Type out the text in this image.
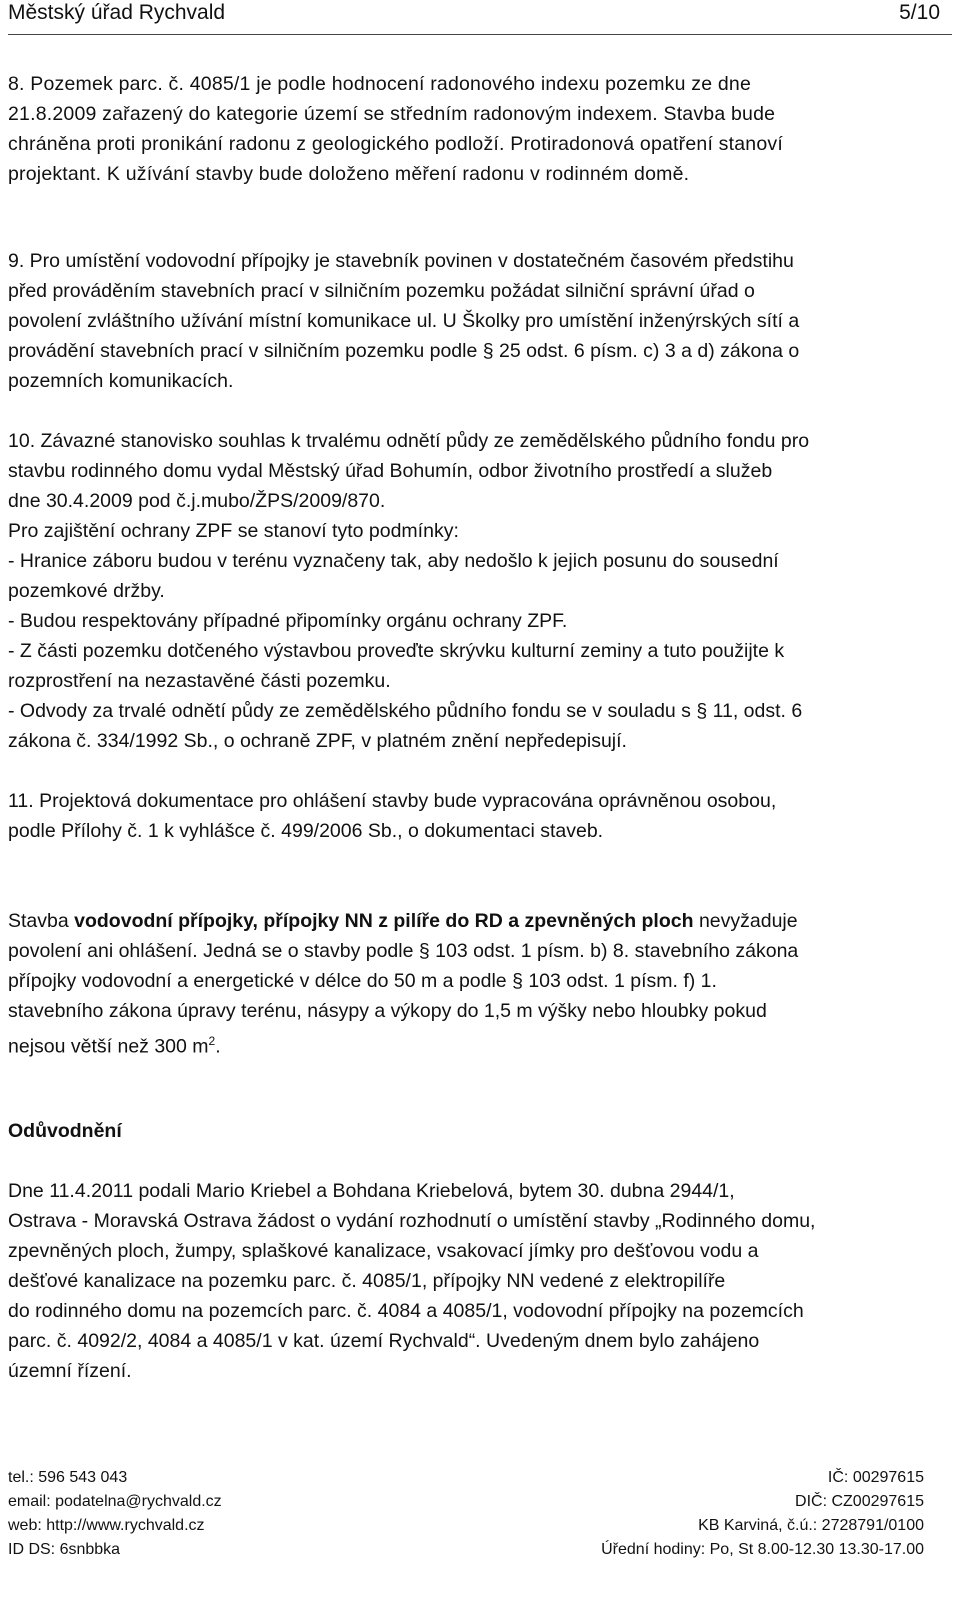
Městský úřad Rychvald	5/10

8. Pozemek parc. č. 4085/1 je podle hodnocení radonového indexu pozemku ze dne

21.8.2009 zařazený do kategorie území se středním radonovým indexem. Stavba bude

chráněna proti pronikání radonu z geologického podloží. Protiradonová opatření stanoví

projektant. K užívání stavby bude doloženo měření radonu v rodinném domě.

9. Pro umístění vodovodní přípojky je stavebník povinen v dostatečném časovém předstihu

před prováděním stavebních prací v silničním pozemku požádat silniční správní úřad o

povolení zvláštního užívání místní komunikace ul. U Školky pro umístění inženýrských sítí a

provádění stavebních prací v silničním pozemku podle § 25 odst. 6 písm. c) 3 a d) zákona o

pozemních komunikacích.

10. Závazné stanovisko souhlas k trvalému odnětí půdy ze zemědělského půdního fondu pro

stavbu rodinného domu vydal Městský úřad Bohumín, odbor životního prostředí a služeb

dne 30.4.2009 pod č.j.mubo/ŽPS/2009/870.

Pro zajištění ochrany ZPF se stanoví tyto podmínky:

- Hranice záboru budou v terénu vyznačeny tak, aby nedošlo k jejich posunu do sousední

pozemkové držby.

- Budou respektovány případné připomínky orgánu ochrany ZPF.

- Z části pozemku dotčeného výstavbou proveďte skrývku kulturní zeminy a tuto použijte k

rozprostření na nezastavěné části pozemku.

- Odvody za trvalé odnětí půdy ze zemědělského půdního fondu se v souladu s § 11, odst. 6

zákona č. 334/1992 Sb., o ochraně ZPF, v platném znění nepředepisují.

11. Projektová dokumentace pro ohlášení stavby bude vypracována oprávněnou osobou,

podle Přílohy č. 1 k vyhlášce č. 499/2006 Sb., o dokumentaci staveb.

Stavba vodovodní přípojky, přípojky NN z pilíře do RD a zpevněných ploch nevyžaduje

povolení ani ohlášení. Jedná se o stavby podle § 103 odst. 1 písm. b) 8. stavebního zákona

přípojky vodovodní a energetické v délce do 50 m a podle § 103 odst. 1 písm. f) 1.

stavebního zákona úpravy terénu, násypy a výkopy do 1,5 m výšky nebo hloubky pokud

nejsou větší než 300 $m^2$.

Odůvodnění

Dne 11.4.2011 podali Mario Kriebel a Bohdana Kriebelová, bytem 30. dubna 2944/1,

Ostrava - Moravská Ostrava žádost o vydání rozhodnutí o umístění stavby „Rodinného domu,

zpevněných ploch, žumpy, splaškové kanalizace, vsakovací jímky pro dešťovou vodu a

dešťové kanalizace na pozemku parc. č. 4085/1, přípojky NN vedené z elektropilíře

do rodinného domu na pozemcích parc. č. 4084 a 4085/1, vodovodní přípojky na pozemcích

parc. č. 4092/2, 4084 a 4085/1 v kat. území Rychvald“. Uvedeným dnem bylo zahájeno

územní řízení.

tel.: 596 543 043	IČ: 00297615
email: podatelna@rychvald.cz	DIČ: CZ00297615
web: http://www.rychvald.cz	KB Karviná, č.ú.: 2728791/0100
ID DS: 6snbbka	Úřední hodiny: Po, St 8.00-12.30 13.30-17.00
